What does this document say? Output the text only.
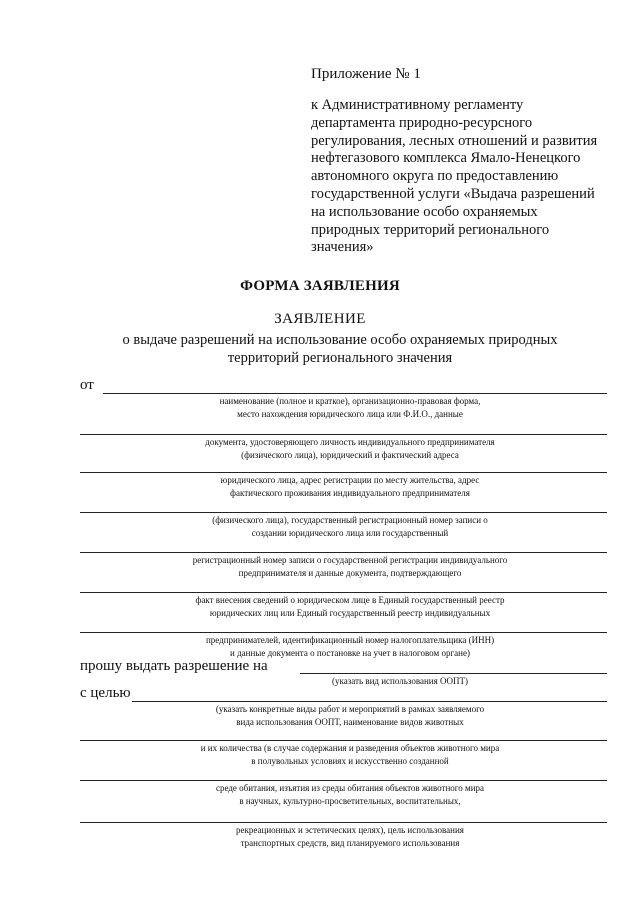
Приложение № 1
к Административному регламенту
департамента природно-ресурсного
регулирования, лесных отношений и развития
нефтегазового комплекса Ямало-Ненецкого
автономного округа по предоставлению
государственной услуги «Выдача разрешений
на использование особо охраняемых
природных территорий регионального
значения»
ФОРМА ЗАЯВЛЕНИЯ
ЗАЯВЛЕНИЕ
о выдаче разрешений на использование особо охраняемых природных
территорий регионального значения
от
наименование (полное и краткое), организационно-правовая форма,
место нахождения юридического лица или Ф.И.О., данные
документа, удостоверяющего личность индивидуального предпринимателя
(физического лица), юридический и фактический адреса
юридического лица, адрес регистрации по месту жительства, адрес
фактического проживания индивидуального предпринимателя
(физического лица), государственный регистрационный номер записи о
создании юридического лица или государственный
регистрационный номер записи о государственной регистрации индивидуального
предпринимателя и данные документа, подтверждающего
факт внесения сведений о юридическом лице в Единый государственный реестр
юридических лиц или Единый государственный реестр индивидуальных
предпринимателей, идентификационный номер налогоплательщика (ИНН)
и данные документа о постановке на учет в налоговом органе)
прошу выдать разрешение на
(указать вид использования ООПТ)
с целью
(указать конкретные виды работ и мероприятий в рамках заявляемого
вида использования ООПТ, наименование видов животных
и их количества (в случае содержания и разведения объектов животного мира
в полувольных условиях и искусственно созданной
среде обитания, изъятия из среды обитания объектов животного мира
в научных, культурно-просветительных, воспитательных,
рекреационных и эстетических целях), цель использования
транспортных средств, вид планируемого использования
